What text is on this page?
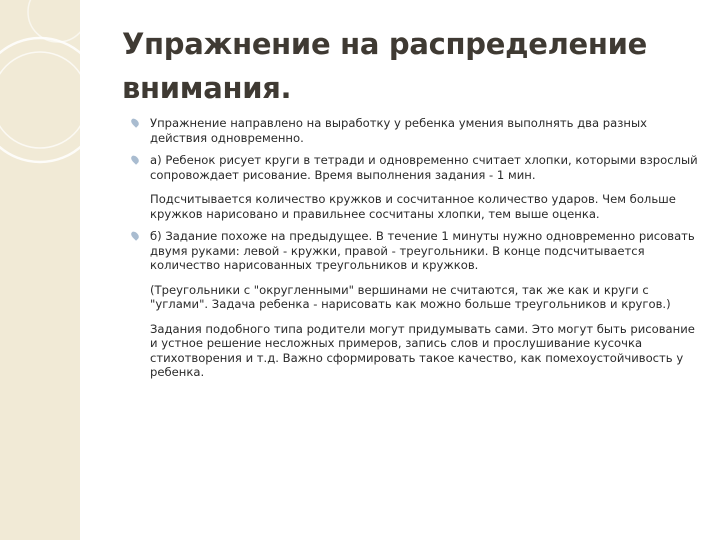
Упражнение на распределение внимания.
Упражнение направлено на выработку у ребенка умения выполнять два разных действия одновременно.
а) Ребенок рисует круги в тетради и одновременно считает хлопки, которыми взрослый сопровождает рисование. Время выполнения задания - 1 мин.
Подсчитывается количество кружков и сосчитанное количество ударов. Чем больше кружков нарисовано и правильнее сосчитаны хлопки, тем выше оценка.
б) Задание похоже на предыдущее. В течение 1 минуты нужно одновременно рисовать двумя руками: левой - кружки, правой - треугольники. В конце подсчитывается количество нарисованных треугольников и кружков.
(Треугольники с "округленными" вершинами не считаются, так же как и круги с "углами". Задача ребенка - нарисовать как можно больше треугольников и кругов.)
Задания подобного типа родители могут придумывать сами. Это могут быть рисование и устное решение несложных примеров, запись слов и прослушивание кусочка стихотворения и т.д. Важно сформировать такое качество, как помехоустойчивость у ребенка.
